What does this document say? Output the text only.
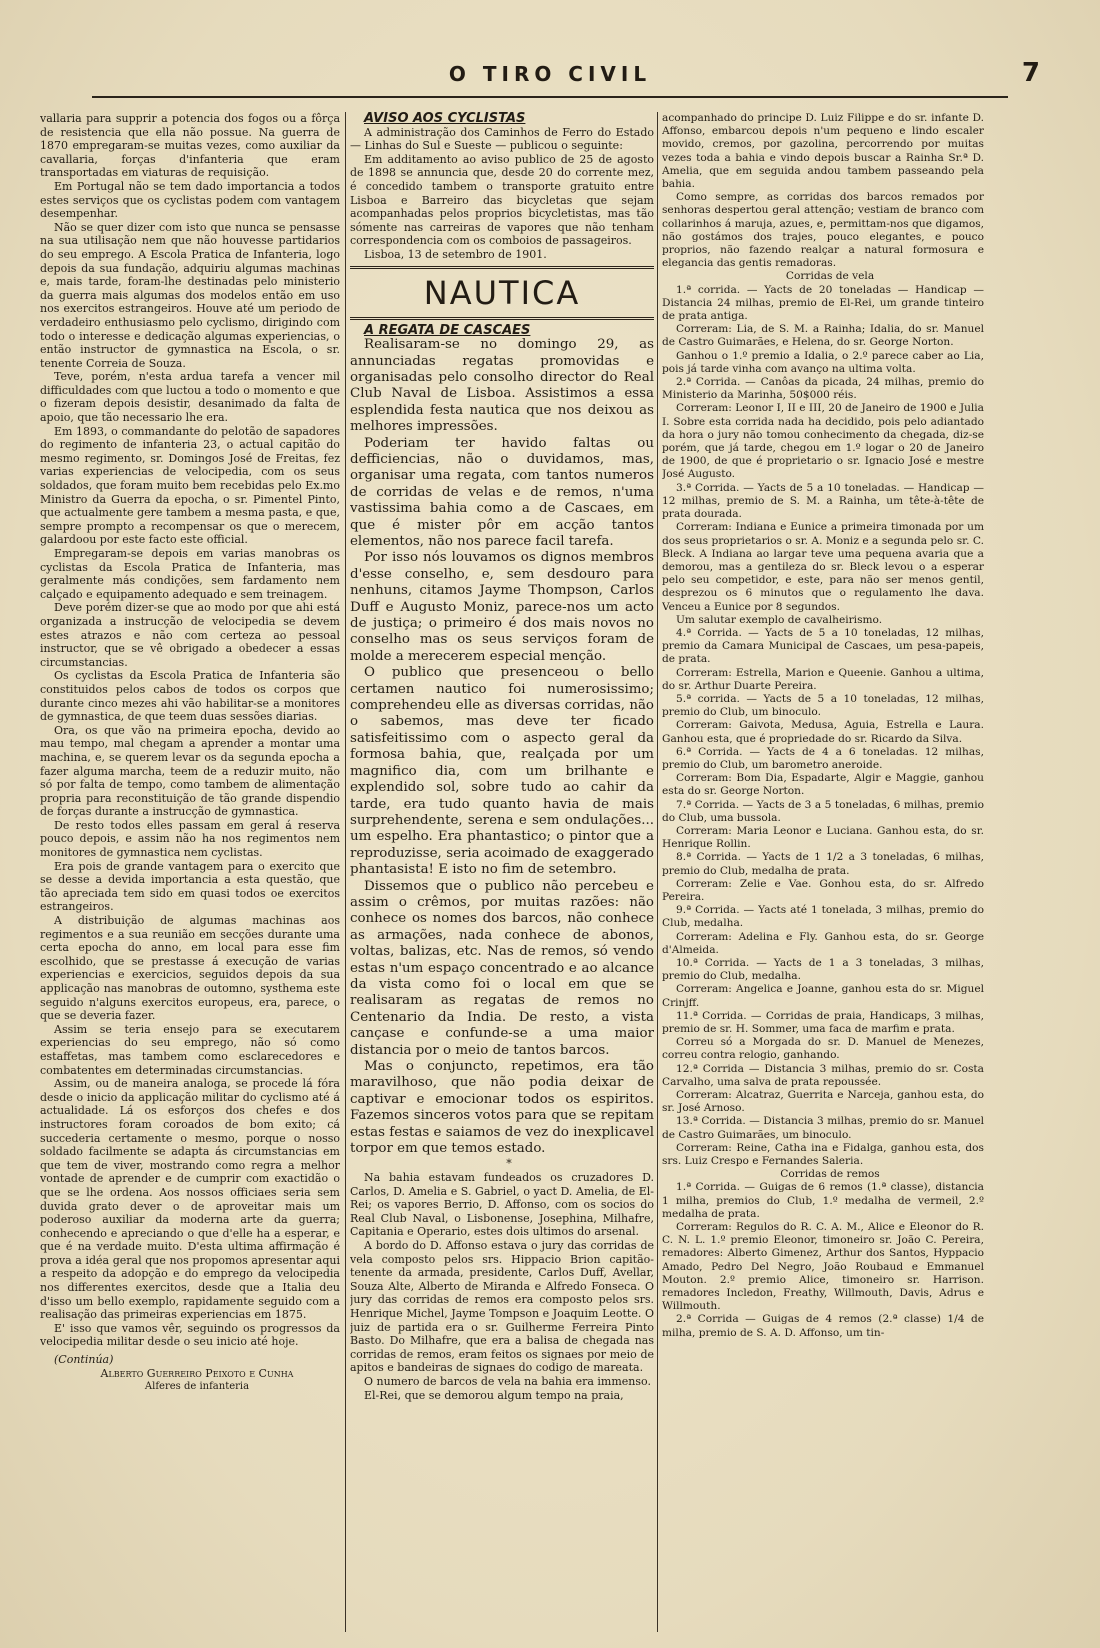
O TIRO CIVIL	7

vallaria para supprir a potencia dos fogos ou a fôrça de resistencia que ella não possue. Na guerra de 1870 empregaram-se muitas vezes, como auxiliar da cavallaria, forças d'infanteria que eram transportadas em viaturas de requisição.

Em Portugal não se tem dado importancia a todos estes serviços que os cyclistas podem com vantagem desempenhar.

Não se quer dizer com isto que nunca se pensasse na sua utilisação nem que não houvesse partidarios do seu emprego. A Escola Pratica de Infanteria, logo depois da sua fundação, adquiriu algumas machinas e, mais tarde, foram-lhe destinadas pelo ministerio da guerra mais algumas dos modelos então em uso nos exercitos estrangeiros. Houve até um periodo de verdadeiro enthusiasmo pelo cyclismo, dirigindo com todo o interesse e dedicação algumas experiencias, o então instructor de gymnastica na Escola, o sr. tenente Correia de Souza.

Teve, porém, n'esta ardua tarefa a vencer mil difficuldades com que luctou a todo o momento e que o fizeram depois desistir, desanimado da falta de apoio, que tão necessario lhe era.

Em 1893, o commandante do pelotão de sapadores do regimento de infanteria 23, o actual capitão do mesmo regimento, sr. Domingos José de Freitas, fez varias experiencias de velocipedia, com os seus soldados, que foram muito bem recebidas pelo Ex.mo Ministro da Guerra da epocha, o sr. Pimentel Pinto, que actualmente gere tambem a mesma pasta, e que, sempre prompto a recompensar os que o merecem, galardoou por este facto este official.

Empregaram-se depois em varias manobras os cyclistas da Escola Pratica de Infanteria, mas geralmente más condições, sem fardamento nem calçado e equipamento adequado e sem treinagem.

Deve porém dizer-se que ao modo por que ahi está organizada a instrucção de velocipedia se devem estes atrazos e não com certeza ao pessoal instructor, que se vê obrigado a obedecer a essas circumstancias.

Os cyclistas da Escola Pratica de Infanteria são constituidos pelos cabos de todos os corpos que durante cinco mezes ahi vão habilitar-se a monitores de gymnastica, de que teem duas sessões diarias.

Ora, os que vão na primeira epocha, devido ao mau tempo, mal chegam a aprender a montar uma machina, e, se querem levar os da segunda epocha a fazer alguma marcha, teem de a reduzir muito, não só por falta de tempo, como tambem de alimentação propria para reconstituição de tão grande dispendio de forças durante a instrucção de gymnastica.

De resto todos elles passam em geral á reserva pouco depois, e assim não ha nos regimentos nem monitores de gymnastica nem cyclistas.

Era pois de grande vantagem para o exercito que se desse a devida importancia a esta questão, que tão apreciada tem sido em quasi todos oe exercitos estrangeiros.

A distribuição de algumas machinas aos regimentos e a sua reunião em secções durante uma certa epocha do anno, em local para esse fim escolhido, que se prestasse á execução de varias experiencias e exercicios, seguidos depois da sua applicação nas manobras de outomno, systhema este seguido n'alguns exercitos europeus, era, parece, o que se deveria fazer.

Assim se teria ensejo para se executarem experiencias do seu emprego, não só como estaffetas, mas tambem como esclarecedores e combatentes em determinadas circumstancias.

Assim, ou de maneira analoga, se procede lá fóra desde o inicio da applicação militar do cyclismo até á actualidade. Lá os esforços dos chefes e dos instructores foram coroados de bom exito; cá succederia certamente o mesmo, porque o nosso soldado facilmente se adapta ás circumstancias em que tem de viver, mostrando como regra a melhor vontade de aprender e de cumprir com exactidão o que se lhe ordena. Aos nossos officiaes seria sem duvida grato dever o de aproveitar mais um poderoso auxiliar da moderna arte da guerra; conhecendo e apreciando o que d'elle ha a esperar, e que é na verdade muito. D'esta ultima affirmação é prova a idéa geral que nos propomos apresentar aqui a respeito da adopção e do emprego da velocipedia nos differentes exercitos, desde que a Italia deu d'isso um bello exemplo, rapidamente seguido com a realisação das primeiras experiencias em 1875.

E' isso que vamos vêr, seguindo os progressos da velocipedia militar desde o seu inicio até hoje.

(Continúa)

Alberto Guerreiro Peixoto e Cunha

Alferes de infanteria

AVISO AOS CYCLISTAS

A administração dos Caminhos de Ferro do Estado — Linhas do Sul e Sueste — publicou o seguinte:

Em additamento ao aviso publico de 25 de agosto de 1898 se annuncia que, desde 20 do corrente mez, é concedido tambem o transporte gratuito entre Lisboa e Barreiro das bicycletas que sejam acompanhadas pelos proprios bicycletistas, mas tão sómente nas carreiras de vapores que não tenham correspondencia com os comboios de passageiros.

Lisboa, 13 de setembro de 1901.

NAUTICA

A REGATA DE CASCAES

Realisaram-se no domingo 29, as annunciadas regatas promovidas e organisadas pelo consolho director do Real Club Naval de Lisboa. Assistimos a essa esplendida festa nautica que nos deixou as melhores impressões.

Poderiam ter havido faltas ou defficiencias, não o duvidamos, mas, organisar uma regata, com tantos numeros de corridas de velas e de remos, n'uma vastissima bahia como a de Cascaes, em que é mister pôr em acção tantos elementos, não nos parece facil tarefa.

Por isso nós louvamos os dignos membros d'esse conselho, e, sem desdouro para nenhuns, citamos Jayme Thompson, Carlos Duff e Augusto Moniz, parece-nos um acto de justiça; o primeiro é dos mais novos no conselho mas os seus serviços foram de molde a merecerem especial menção.

O publico que presenceou o bello certamen nautico foi numerosissimo; comprehendeu elle as diversas corridas, não o sabemos, mas deve ter ficado satisfeitissimo com o aspecto geral da formosa bahia, que, realçada por um magnifico dia, com um brilhante e explendido sol, sobre tudo ao cahir da tarde, era tudo quanto havia de mais surprehendente, serena e sem ondulações... um espelho. Era phantastico; o pintor que a reproduzisse, seria acoimado de exaggerado phantasista! E isto no fim de setembro.

Dissemos que o publico não percebeu e assim o crêmos, por muitas razões: não conhece os nomes dos barcos, não conhece as armações, nada conhece de abonos, voltas, balizas, etc. Nas de remos, só vendo estas n'um espaço concentrado e ao alcance da vista como foi o local em que se realisaram as regatas de remos no Centenario da India. De resto, a vista cançase e confunde-se a uma maior distancia por o meio de tantos barcos.

Mas o conjuncto, repetimos, era tão maravilhoso, que não podia deixar de captivar e emocionar todos os espiritos. Fazemos sinceros votos para que se repitam estas festas e saiamos de vez do inexplicavel torpor em que temos estado.

*

Na bahia estavam fundeados os cruzadores D. Carlos, D. Amelia e S. Gabriel, o yact D. Amelia, de El-Rei; os vapores Berrio, D. Affonso, com os socios do Real Club Naval, o Lisbonense, Josephina, Milhafre, Capitania e Operario, estes dois ultimos do arsenal.

A bordo do D. Affonso estava o jury das corridas de vela composto pelos srs. Hippacio Brion capitão-tenente da armada, presidente, Carlos Duff, Avellar, Souza Alte, Alberto de Miranda e Alfredo Fonseca. O jury das corridas de remos era composto pelos srs. Henrique Michel, Jayme Tompson e Joaquim Leotte. O juiz de partida era o sr. Guilherme Ferreira Pinto Basto. Do Milhafre, que era a balisa de chegada nas corridas de remos, eram feitos os signaes por meio de apitos e bandeiras de signaes do codigo de mareata.

O numero de barcos de vela na bahia era immenso.

El-Rei, que se demorou algum tempo na praia,

acompanhado do principe D. Luiz Filippe e do sr. infante D. Affonso, embarcou depois n'um pequeno e lindo escaler movido, cremos, por gazolina, percorrendo por muitas vezes toda a bahia e vindo depois buscar a Rainha Sr.ª D. Amelia, que em seguida andou tambem passeando pela bahia.

Como sempre, as corridas dos barcos remados por senhoras despertou geral attenção; vestiam de branco com collarinhos á maruja, azues, e, permittam-nos que digamos, não gostámos dos trajes, pouco elegantes, e pouco proprios, não fazendo realçar a natural formosura e elegancia das gentis remadoras.

Corridas de vela

1.ª corrida. — Yacts de 20 toneladas — Handicap — Distancia 24 milhas, premio de El-Rei, um grande tinteiro de prata antiga.

Correram: Lia, de S. M. a Rainha; Idalia, do sr. Manuel de Castro Guimarães, e Helena, do sr. George Norton.

Ganhou o 1.º premio a Idalia, o 2.º parece caber ao Lia, pois já tarde vinha com avanço na ultima volta.

2.ª Corrida. — Canôas da picada, 24 milhas, premio do Ministerio da Marinha, 50$000 réis.

Correram: Leonor I, II e III, 20 de Janeiro de 1900 e Julia I. Sobre esta corrida nada ha decidido, pois pelo adiantado da hora o jury não tomou conhecimento da chegada, diz-se porém, que já tarde, chegou em 1.º logar o 20 de Janeiro de 1900, de que é proprietario o sr. Ignacio José e mestre José Augusto.

3.ª Corrida. — Yacts de 5 a 10 toneladas. — Handicap — 12 milhas, premio de S. M. a Rainha, um tête-à-tête de prata dourada.

Correram: Indiana e Eunice a primeira timonada por um dos seus proprietarios o sr. A. Moniz e a segunda pelo sr. C. Bleck. A Indiana ao largar teve uma pequena avaria que a demorou, mas a gentileza do sr. Bleck levou o a esperar pelo seu competidor, e este, para não ser menos gentil, desprezou os 6 minutos que o regulamento lhe dava. Venceu a Eunice por 8 segundos.

Um salutar exemplo de cavalheirismo.

4.ª Corrida. — Yacts de 5 a 10 toneladas, 12 milhas, premio da Camara Municipal de Cascaes, um pesa-papeis, de prata.

Correram: Estrella, Marion e Queenie. Ganhou a ultima, do sr. Arthur Duarte Pereira.

5.ª corrida. — Yacts de 5 a 10 toneladas, 12 milhas, premio do Club, um binoculo.

Correram: Gaivota, Medusa, Aguia, Estrella e Laura. Ganhou esta, que é propriedade do sr. Ricardo da Silva.

6.ª Corrida. — Yacts de 4 a 6 toneladas. 12 milhas, premio do Club, um barometro aneroide.

Correram: Bom Dia, Espadarte, Algir e Maggie, ganhou esta do sr. George Norton.

7.ª Corrida. — Yacts de 3 a 5 toneladas, 6 milhas, premio do Club, uma bussola.

Correram: Maria Leonor e Luciana. Ganhou esta, do sr. Henrique Rollin.

8.ª Corrida. — Yacts de 1 1/2 a 3 toneladas, 6 milhas, premio do Club, medalha de prata.

Correram: Zelie e Vae. Gonhou esta, do sr. Alfredo Pereira.

9.ª Corrida. — Yacts até 1 tonelada, 3 milhas, premio do Club, medalha.

Correram: Adelina e Fly. Ganhou esta, do sr. George d'Almeida.

10.ª Corrida. — Yacts de 1 a 3 toneladas, 3 milhas, premio do Club, medalha.

Correram: Angelica e Joanne, ganhou esta do sr. Miguel Crinjff.

11.ª Corrida. — Corridas de praia, Handicaps, 3 milhas, premio de sr. H. Sommer, uma faca de marfim e prata.

Correu só a Morgada do sr. D. Manuel de Menezes, correu contra relogio, ganhando.

12.ª Corrida — Distancia 3 milhas, premio do sr. Costa Carvalho, uma salva de prata repoussée.

Correram: Alcatraz, Guerrita e Narceja, ganhou esta, do sr. José Arnoso.

13.ª Corrida. — Distancia 3 milhas, premio do sr. Manuel de Castro Guimarães, um binoculo.

Correram: Reine, Catha ina e Fidalga, ganhou esta, dos srs. Luiz Crespo e Fernandes Saleria.

Corridas de remos

1.ª Corrida. — Guigas de 6 remos (1.ª classe), distancia 1 milha, premios do Club, 1.º medalha de vermeil, 2.º medalha de prata.

Correram: Regulos do R. C. A. M., Alice e Eleonor do R. C. N. L. 1.º premio Eleonor, timoneiro sr. João C. Pereira, remadores: Alberto Gimenez, Arthur dos Santos, Hyppacio Amado, Pedro Del Negro, João Roubaud e Emmanuel Mouton. 2.º premio Alice, timoneiro sr. Harrison. remadores Incledon, Freathy, Willmouth, Davis, Adrus e Willmouth.

2.ª Corrida — Guigas de 4 remos (2.ª classe) 1/4 de milha, premio de S. A. D. Affonso, um tin-
